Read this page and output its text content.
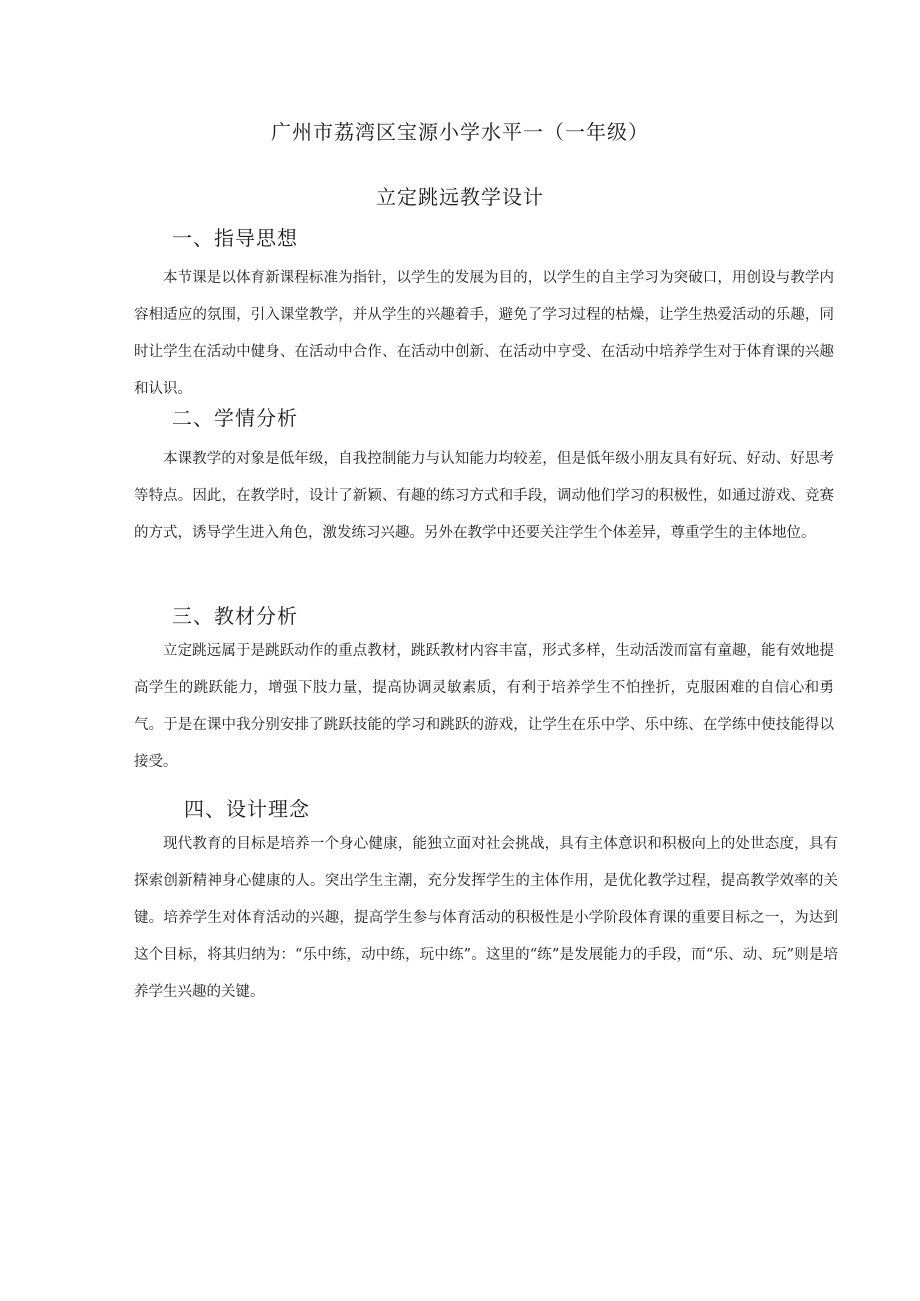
广州市荔湾区宝源小学水平一（一年级）
立定跳远教学设计
一、指导思想

本节课是以体育新课程标准为指针，以学生的发展为目的，以学生的自主学习为突破口，用创设与教学内容相适应的氛围，引入课堂教学，并从学生的兴趣着手，避免了学习过程的枯燥，让学生热爱活动的乐趣，同时让学生在活动中健身、在活动中合作、在活动中创新、在活动中亨受、在活动中培养学生对于体育课的兴趣和认识。

二、学情分析

本课教学的对象是低年级，自我控制能力与认知能力均较差，但是低年级小朋友具有好玩、好动、好思考等特点。因此，在教学时，设计了新颖、有趣的练习方式和手段，调动他们学习的积极性，如通过游戏、竞赛的方式，诱导学生进入角色，激发练习兴趣。另外在教学中还要关注学生个体差异，尊重学生的主体地位。

三、教材分析

立定跳远属于是跳跃动作的重点教材，跳跃教材内容丰富，形式多样，生动活泼而富有童趣，能有效地提高学生的跳跃能力，增强下肢力量，提高协调灵敏素质，有利于培养学生不怕挫折，克服困难的自信心和勇气。于是在课中我分别安排了跳跃技能的学习和跳跃的游戏，让学生在乐中学、乐中练、在学练中使技能得以接受。

四、设计理念

现代教育的目标是培养一个身心健康，能独立面对社会挑战，具有主体意识和积极向上的处世态度，具有探索创新精神身心健康的人。突出学生主潮，充分发挥学生的主体作用，是优化教学过程，提高教学效率的关键。培养学生对体育活动的兴趣，提高学生参与体育活动的积极性是小学阶段体育课的重要目标之一，为达到这个目标，将其归纳为：“乐中练，动中练，玩中练”。这里的“练”是发展能力的手段，而“乐、动、玩”则是培养学生兴趣的关键。
